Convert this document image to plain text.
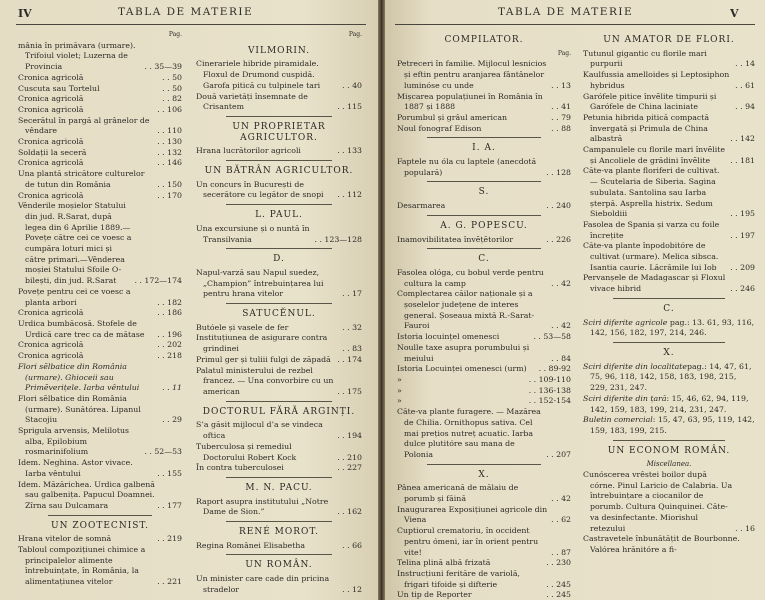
IV	TABLA DE MATERIE
Pag.
mânia în primăvara (urmare). Trifoiul violet; Luzerna de Provincia	. . 35—39
Cronica agricolă	. . 50
Cuscuta sau Tortelul	. . 50
Cronica agricolă	. . 82
Cronica agricolă	. . 106
Secerătul în pargă al grânelor de vêndare	. . 110
Cronica agricolă	. . 130
Soldații la seceră	. . 132
Cronica agricolă	. . 146
Una plantă stricătore culturelor de tutun din România	. . 150
Cronica agricolă	. . 170
Vênderile moșielor Statului din jud. R.Sarat, după legea din 6 Aprilie 1889.—Povețe către cei ce voesc a cumpăra loturi mici și către primari.—Vênderea moșiei Statului Sfoile O-bilești, din jud. R.Sarat	. . 172—174
Povețe pentru cei ce voesc a planta arbori	. . 182
Cronica agricolă	. . 186
Urdica bumbăcosă. Stofele de Urdică care trec ca de mătase	. . 196
Cronica agricolă	. . 202
Cronica agricolă	. . 218
Flori sĕlbatice din România (urmare). Ghioceii sau Primĕverițele. Iarba vêntului	. . 11
Flori sĕlbatice din România (urmare). Sunătórea. Lipanul Stacojiu	. . 29
Sprigula arvensis, Melilotus alba, Epilobium rosmarinifolium	. . 52—53
Idem. Neghina. Astor vivace. Iarba vêntului	. . 155
Idem. Măzărichea. Urdica galbenă sau galbenița. Papucul Doamnei. Zîrna sau Dulcamara	. . 177
UN ZOOTECNIST.
Hrana vitelor de somnă	. . 219
Tabloul compozițiunei chimice a principalelor alimente întrebuințate, în România, la alimentațiunea vitelor	. . 221
Pag.
VILMORIN.
Cinerariele hibride piramidale. Floxul de Drumond cuspidă. Garofa pitică cu tulpinele tari	. . 40
Două varietăți însemnate de Crisantem	. . 115
UN PROPRIETAR AGRICULTOR.
Hrana lucrătorilor agricoli	. . 133
UN BĂTRÂN AGRICULTOR.
Un concurs în București de secerătore cu legător de snopi	. . 112
L. PAUL.
Una excursiune și o nuntă în Transilvania	. . 123—128
D.
Napul-varză sau Napul suedez, „Champion” întrebuințarea lui pentru hrana vitelor	. . 17
SATUCĔNUL.
Butóele și vasele de fer	. . 32
Instituțiunea de asigurare contra grindinei	. . 83
Primul ger și tuliii fulgi de zăpadă . . 174
Palatul ministerului de rezbel francez. — Una convorbire cu un american	. . 175
DOCTORUL FĂRĂ ARGINȚI.
S’a găsit mijlocul d’a se vindeca oftica	. . 194
Tuberculosa și remediul Doctorului Robert Kock	. . 210
În contra tuberculosei	. . 227
M. N. PACU.
Raport asupra institutului „Notre Dame de Sion.”	. . 162
RENÉ MOROT.
Regina Românei Elisabetha	. . 66
UN ROMÂN.
Un minister care cade din pricina stradelor	. . 12
TABLA DE MATERIE	V
COMPILATOR.
Pag.
Petreceri în familie. Mijlocul lesnicios și eftin pentru aranjarea fântânelor luminóse cu unde	. . 13
Mișcarea populațiunei în România în 1887 și 1888	. . 41
Porumbul și grâul american	. . 79
Noul fonograf Edison	. . 88
I. A.
Faptele nu óla cu laptele (anecdotă populară)	. . 128
S.
Desarmarea	. . 240
A. G. POPESCU.
Inamovibilitatea învĕțĕtorilor	. . 226
C.
Fasolea ológa, cu bobul verde pentru cultura la camp	. . 42
Complectarea căilor naționale și a șoselelor județene de interes general. Șoseaua mixtă R.-Sarat-Fauroi	. . 42
Istoria locuințel omenesci	. . 53—58
Noulle taxe asupra porumbului și meiului	. . 84
Istoria Locuinței omenesci (urm)	. . 89-92
»	. . 109-110
»	. . 136-138
»	. . 152-154
Căte-va plante furagere. — Mazărea de Chilia. Ornithopus sativa. Cel mai prețios nutreț acuatic. Iarba dulce plutitóre sau mana de Polonia	. . 207
X.
Pânea americană de mălaiu de porumb și făină	. . 42
Inaugurarea Exposițiunei agricole din Viena	. . 62
Cuptiorul crematoriu, în occident pentru ómeni, iar în orient pentru vite!	. . 87
Telina plină albă frizată	. . 230
Instrucțiuni ferităre de variolă, frigari tifoide și difterie	. . 245
Un tip de Reporter	. . 245
UN AMATOR DE FLORI.
Tutunul gigantic cu florile mari purpurii	. . 14
Kaulfussia amelloides și Leptosiphon hybridus	. . 61
Garófele pitice învĕlite timpurii și Garófele de China laciniate	. . 94
Petunia hibrida pitică compactă învergată și Primula de China albastră	. . 142
Campanulele cu florile mari învĕlite și Ancoliele de grădini învĕlite	. . 181
Căte-va plante floriferi de cultivat. — Scutelaria de Siberia. Sagina subulata. Santolina sau Iarba șterpă. Asprella histrix. Sedum Sieboldiii	. . 195
Fasolea de Spania și varza cu foile încrețite	. . 197
Căte-va plante înpodobitóre de cultivat (urmare). Melica sibsca. Isantia caurie. Lăcrămile lui Iob	. . 209
Pervanșele de Madagascar și Floxul vivace hibrid	. . 246
C.
Sciri diferite agricole pag.: 13. 61, 93, 116, 142, 156, 182, 197, 214, 246.
X.
Sciri diferite din localitatepag.: 14, 47, 61, 75, 96, 118, 142, 158, 183, 198, 215, 229, 231, 247.
Sciri diferite din țară: 15, 46, 62, 94, 119, 142, 159, 183, 199, 214, 231, 247.
Buletin comercial: 15, 47, 63, 95, 119, 142, 159, 183, 199, 215.
UN ECONOM ROMÂN.
Miscellanea.
Cunóscerea vrêstei boilor după córne. Pinul Laricio de Calabria. Ua întrebuințare a ciocanilor de porumb. Cultura Quinquinei. Căte-va desinfectante. Miorishul retezului	. . 16
Castravetele înbunătățit de Bourbonne. Valórea hrănitóre a fi-
